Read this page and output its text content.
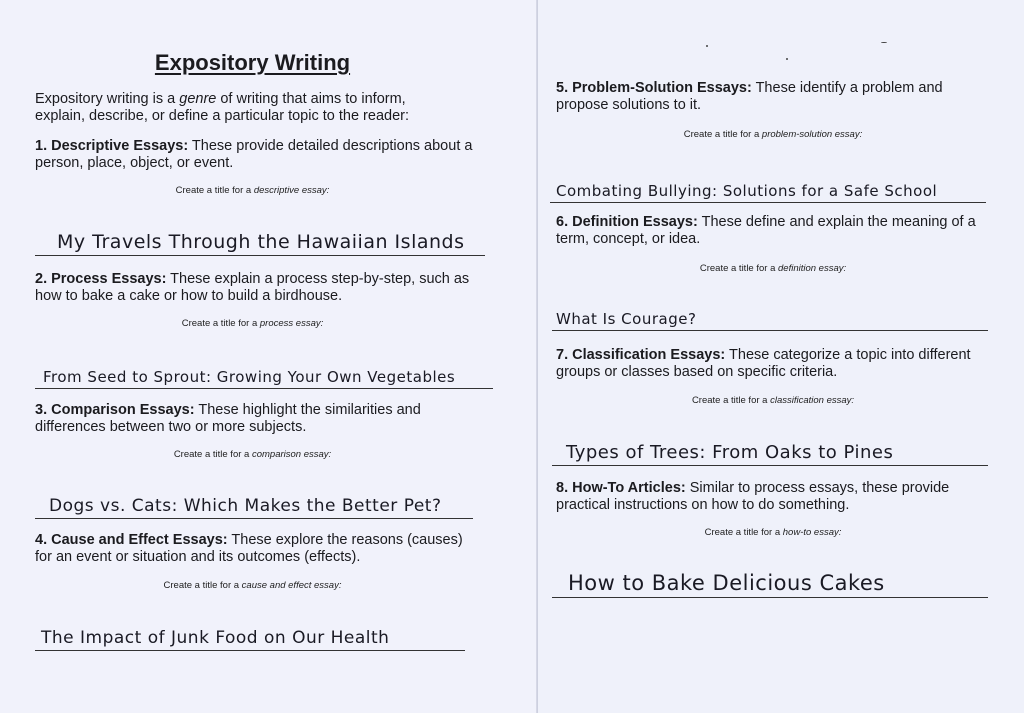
Expository Writing

Expository writing is a genre of writing that aims to inform, explain, describe, or define a particular topic to the reader:

1. Descriptive Essays: These provide detailed descriptions about a person, place, object, or event.

Create a title for a descriptive essay:

My Travels Through the Hawaiian Islands

2. Process Essays: These explain a process step-by-step, such as how to bake a cake or how to build a birdhouse.

Create a title for a process essay:

From Seed to Sprout: Growing Your Own Vegetables

3. Comparison Essays: These highlight the similarities and differences between two or more subjects.

Create a title for a comparison essay:

Dogs vs. Cats: Which Makes the Better Pet?

4. Cause and Effect Essays: These explore the reasons (causes) for an event or situation and its outcomes (effects).

Create a title for a cause and effect essay:

The Impact of Junk Food on Our Health

5. Problem-Solution Essays: These identify a problem and propose solutions to it.

Create a title for a problem-solution essay:

Combating Bullying: Solutions for a Safe School

6. Definition Essays: These define and explain the meaning of a term, concept, or idea.

Create a title for a definition essay:

What Is Courage?

7. Classification Essays: These categorize a topic into different groups or classes based on specific criteria.

Create a title for a classification essay:

Types of Trees: From Oaks to Pines

8. How-To Articles: Similar to process essays, these provide practical instructions on how to do something.

Create a title for a how-to essay:

How to Bake Delicious Cakes
